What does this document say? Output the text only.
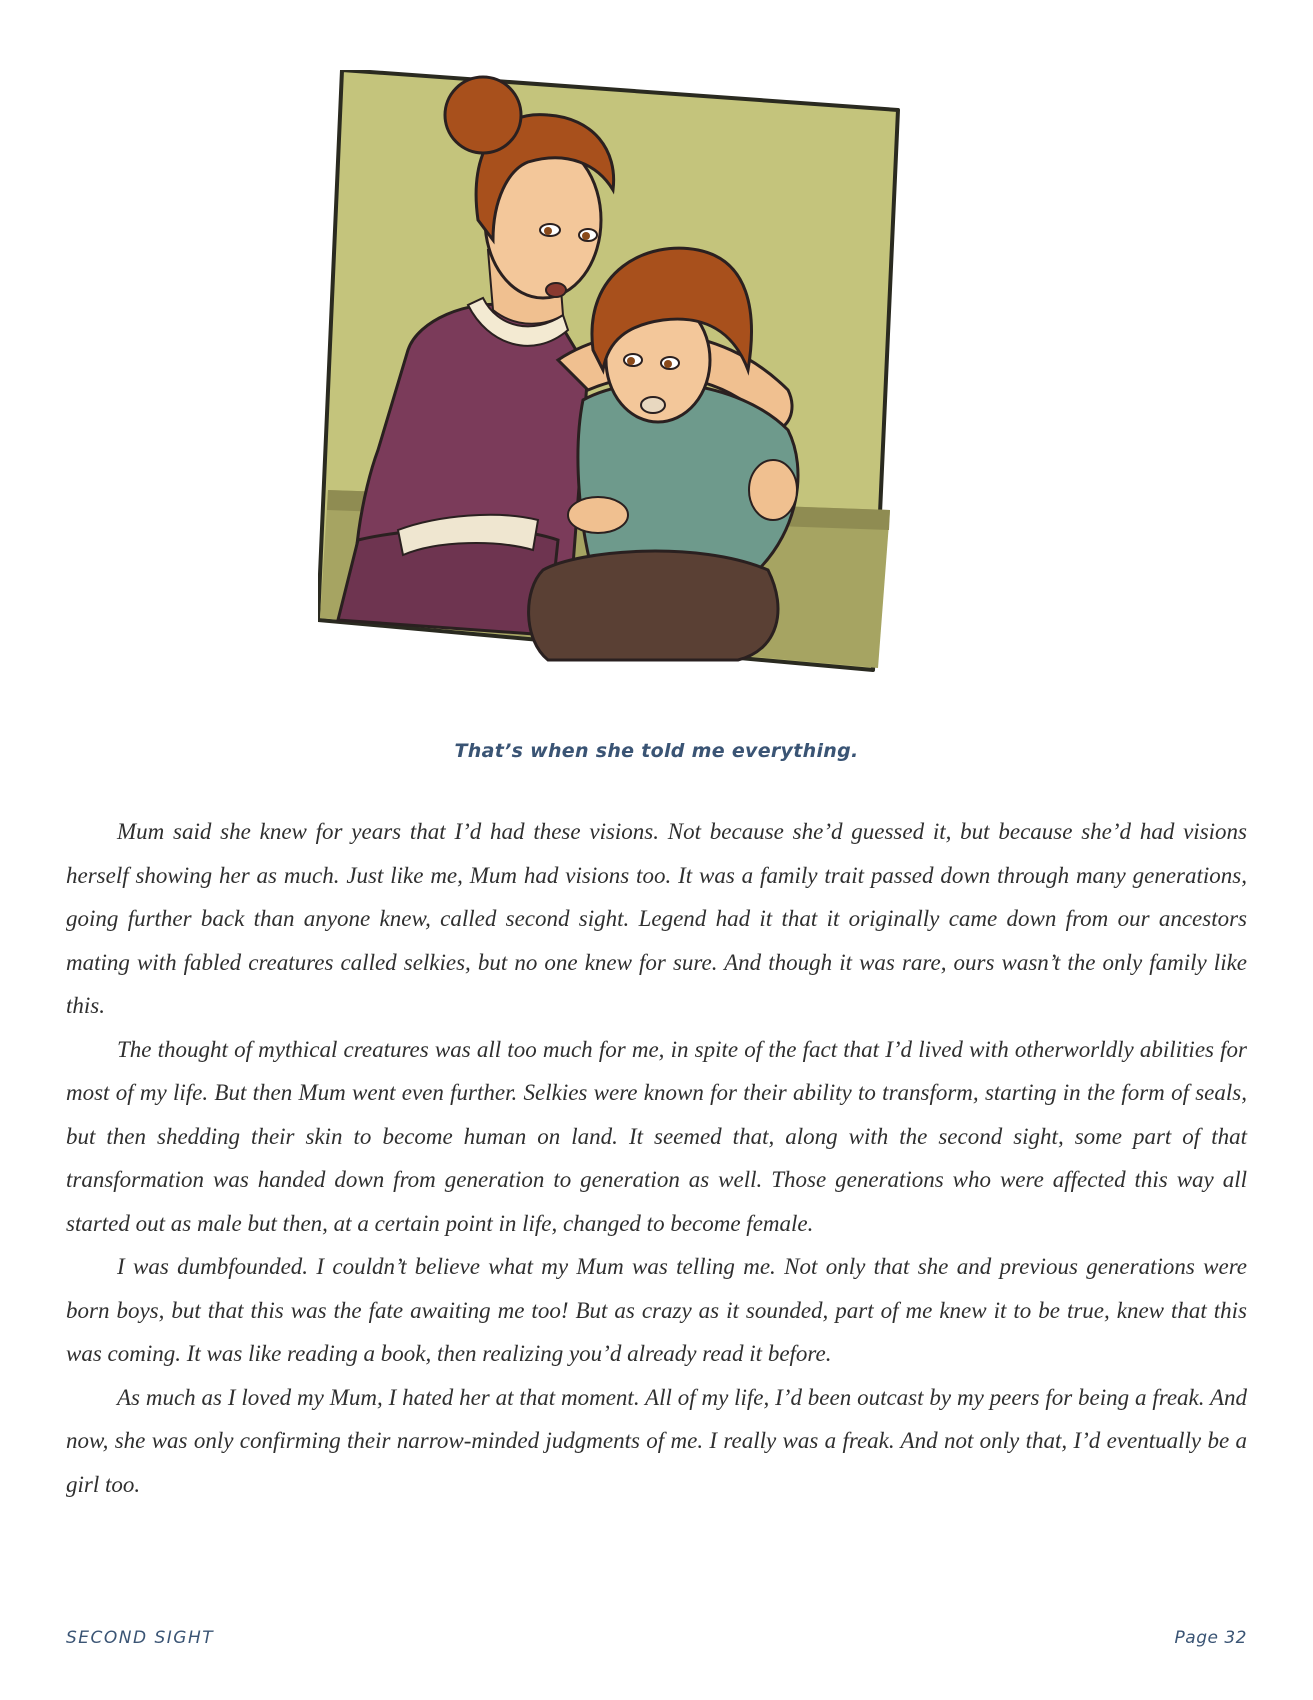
That’s when she told me everything.

Mum said she knew for years that I’d had these visions. Not because she’d guessed it, but because she’d had visions herself showing her as much. Just like me, Mum had visions too. It was a family trait passed down through many generations, going further back than anyone knew, called second sight. Legend had it that it originally came down from our ancestors mating with fabled creatures called selkies, but no one knew for sure. And though it was rare, ours wasn’t the only family like this.

The thought of mythical creatures was all too much for me, in spite of the fact that I’d lived with otherworldly abilities for most of my life. But then Mum went even further. Selkies were known for their ability to transform, starting in the form of seals, but then shedding their skin to become human on land. It seemed that, along with the second sight, some part of that transformation was handed down from generation to generation as well. Those generations who were affected this way all started out as male but then, at a certain point in life, changed to become female.

I was dumbfounded. I couldn’t believe what my Mum was telling me. Not only that she and previous generations were born boys, but that this was the fate awaiting me too! But as crazy as it sounded, part of me knew it to be true, knew that this was coming. It was like reading a book, then realizing you’d already read it before.

As much as I loved my Mum, I hated her at that moment. All of my life, I’d been outcast by my peers for being a freak. And now, she was only confirming their narrow-minded judgments of me. I really was a freak. And not only that, I’d eventually be a girl too.

SECOND SIGHT	Page 32
